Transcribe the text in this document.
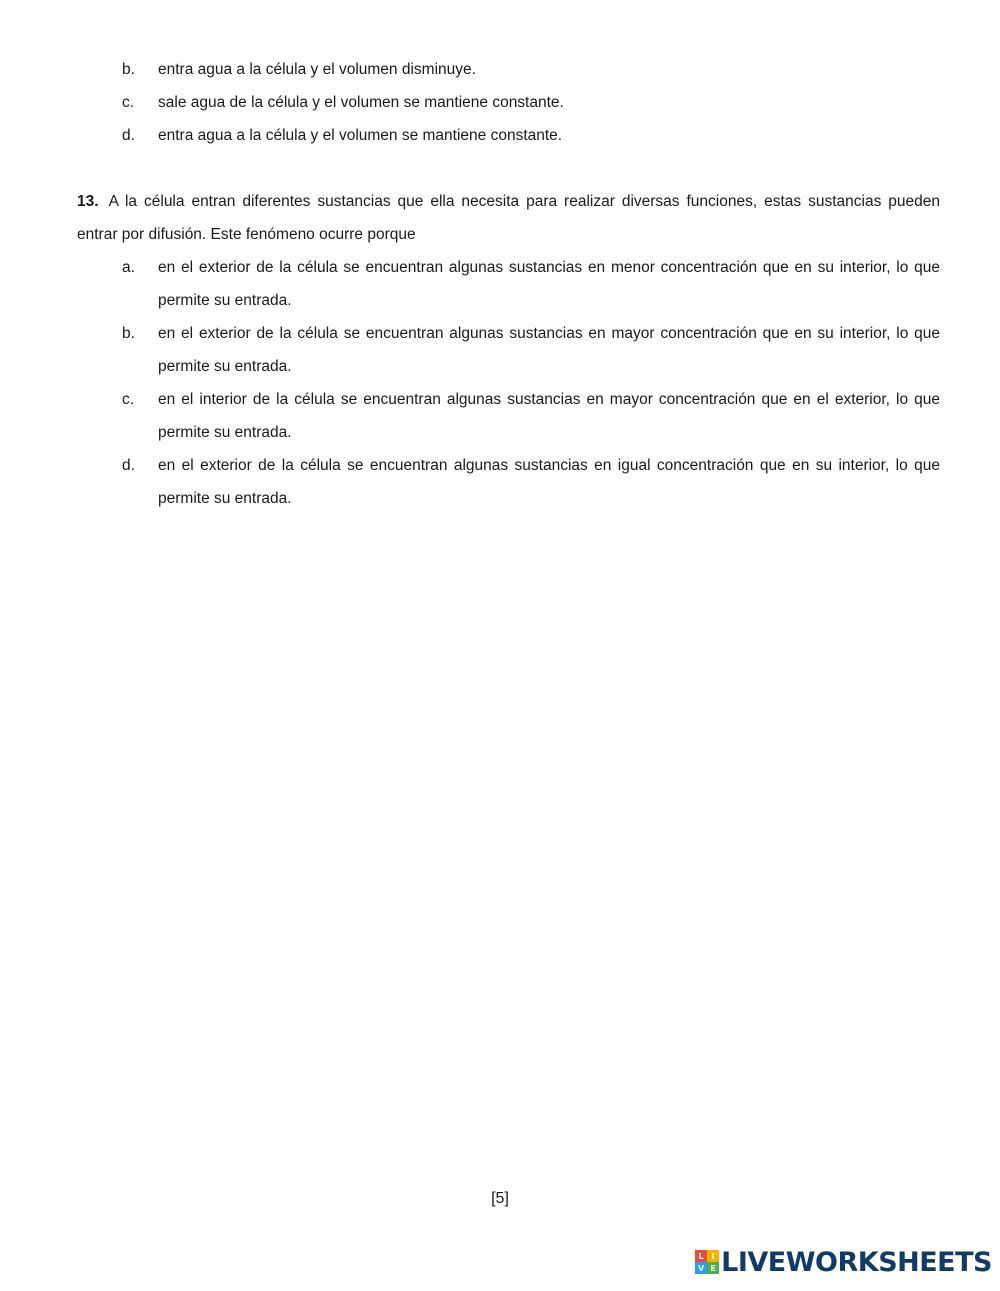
b. entra agua a la célula y el volumen disminuye.
c. sale agua de la célula y el volumen se mantiene constante.
d. entra agua a la célula y el volumen se mantiene constante.
13. A la célula entran diferentes sustancias que ella necesita para realizar diversas funciones, estas sustancias pueden entrar por difusión. Este fenómeno ocurre porque
a. en el exterior de la célula se encuentran algunas sustancias en menor concentración que en su interior, lo que permite su entrada.
b. en el exterior de la célula se encuentran algunas sustancias en mayor concentración que en su interior, lo que permite su entrada.
c. en el interior de la célula se encuentran algunas sustancias en mayor concentración que en el exterior, lo que permite su entrada.
d. en el exterior de la célula se encuentran algunas sustancias en igual concentración que en su interior, lo que permite su entrada.
[5]
L I
V E LIVEWORKSHEETS
